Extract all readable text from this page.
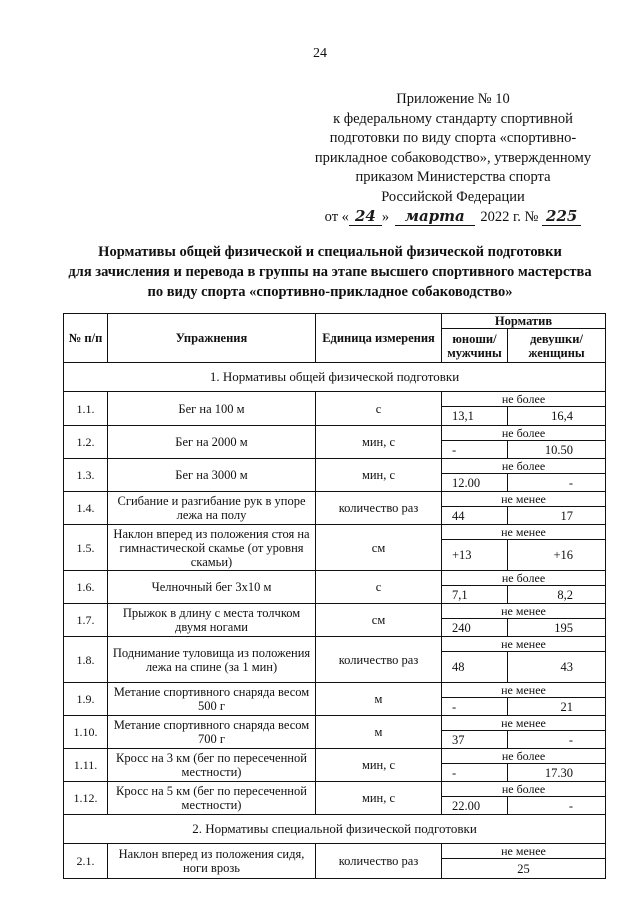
24
Приложение № 10
к федеральному стандарту спортивной
подготовки по виду спорта «спортивно-
прикладное собаководство», утвержденному
приказом Министерства спорта
Российской Федерации
от « 24 » марта 2022 г. № 225
Нормативы общей физической и специальной физической подготовки
для зачисления и перевода в группы на этапе высшего спортивного мастерства
по виду спорта «спортивно-прикладное собаководство»
№ п/п	Упражнения	Единица измерения	Норматив	
			юноши/ мужчины	девушки/ женщины
1. Нормативы общей физической подготовки				
1.1.	Бег на 100 м	с	не более	
			13,1	16,4
1.2.	Бег на 2000 м	мин, с	не более	
			-	10.50
1.3.	Бег на 3000 м	мин, с	не более	
			12.00	-
1.4.	Сгибание и разгибание рук в упоре лежа на полу	количество раз	не менее	
			44	17
1.5.	Наклон вперед из положения стоя на гимнастической скамье (от уровня скамьи)	см	не менее	
			+13	+16
1.6.	Челночный бег 3x10 м	с	не более	
			7,1	8,2
1.7.	Прыжок в длину с места толчком двумя ногами	см	не менее	
			240	195
1.8.	Поднимание туловища из положения лежа на спине (за 1 мин)	количество раз	не менее	
			48	43
1.9.	Метание спортивного снаряда весом 500 г	м	не менее	
			-	21
1.10.	Метание спортивного снаряда весом 700 г	м	не менее	
			37	-
1.11.	Кросс на 3 км (бег по пересеченной местности)	мин, с	не более	
			-	17.30
1.12.	Кросс на 5 км (бег по пересеченной местности)	мин, с	не более	
			22.00	-
2. Нормативы специальной физической подготовки				
2.1.	Наклон вперед из положения сидя, ноги врозь	количество раз	не менее	
			25	
